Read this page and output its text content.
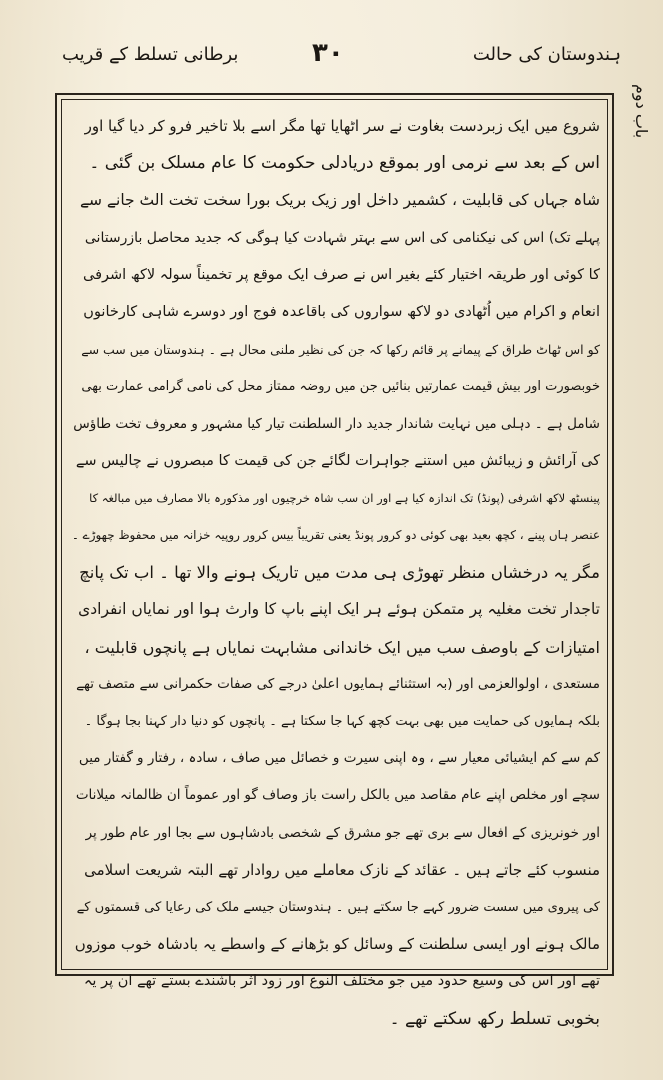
ہندوستان کی حالت
۳۰
برطانی تسلط کے قریب
باب دوم
شروع میں ایک زبردست بغاوت نے سر اٹھایا تھا مگر اسے بلا تاخیر فرو کر دیا گیا اور
اس کے بعد سے نرمی اور بموقع دریادلی حکومت کا عام مسلک بن گئی ۔
شاہ جہاں کی قابلیت ، کشمیر داخل اور زیک بریک بورا سخت تخت الٹ جانے سے
پہلے تک) اس کی نیکنامی کی اس سے بہتر شہادت کیا ہوگی کہ جدید محاصل بازرستانی
کا کوئی اور طریقہ اختیار کئے بغیر اس نے صرف ایک موقع پر تخمیناً سولہ لاکھ اشرفی
انعام و اکرام میں اُٹھادی دو لاکھ سواروں کی باقاعدہ فوج اور دوسرے شاہی کارخانوں
کو اس ٹھاٹ طراق کے پیمانے پر قائم رکھا کہ جن کی نظیر ملنی محال ہے ۔ ہندوستان میں سب سے
خوبصورت اور بیش قیمت عمارتیں بنائیں جن میں روضہ ممتاز محل کی نامی گرامی عمارت بھی
شامل ہے ۔ دہلی میں نہایت شاندار جدید دار السلطنت تیار کیا مشہور و معروف تخت طاؤس
کی آرائش و زیبائش میں استنے جواہرات لگائے جن کی قیمت کا مبصروں نے چالیس سے
پینسٹھ لاکھ اشرفی (پونڈ) تک اندازہ کیا ہے اور ان سب شاہ خرچیوں اور مذکورہ بالا مصارف میں مبالغہ کا
عنصر ہاں پینے ، کچھ بعید بھی کوئی دو کرور پونڈ یعنی تقریباً بیس کرور روپیہ خزانہ میں محفوظ چھوڑے ۔
مگر یہ درخشاں منظر تھوڑی ہی مدت میں تاریک ہونے والا تھا ۔ اب تک پانچ
تاجدار تخت مغلیہ پر متمکن ہوئے ہر ایک اپنے باپ کا وارث ہوا اور نمایاں انفرادی
امتیازات کے باوصف سب میں ایک خاندانی مشابہت نمایاں ہے پانچوں قابلیت ،
مستعدی ، اولوالعزمی اور (بہ استثنائے ہمایوں اعلیٰ درجے کی صفات حکمرانی سے متصف تھے
بلکہ ہمایوں کی حمایت میں بھی بہت کچھ کہا جا سکتا ہے ۔ پانچوں کو دنیا دار کہنا بجا ہوگا ۔
کم سے کم ایشیائی معیار سے ، وہ اپنی سیرت و خصائل میں صاف ، سادہ ، رفتار و گفتار میں
سچے اور مخلص اپنے عام مقاصد میں بالکل راست باز وصاف گو اور عموماً ان ظالمانہ میلانات
اور خونریزی کے افعال سے بری تھے جو مشرق کے شخصی بادشاہوں سے بجا اور عام طور پر
منسوب کئے جاتے ہیں ۔ عقائد کے نازک معاملے میں روادار تھے البتہ شریعت اسلامی
کی پیروی میں سست ضرور کہے جا سکتے ہیں ۔ ہندوستان جیسے ملک کی رعایا کی قسمتوں کے
مالک ہونے اور ایسی سلطنت کے وسائل کو بڑھانے کے واسطے یہ بادشاہ خوب موزوں
تھے اور اس کی وسیع حدود میں جو مختلف النوع اور زود اثر باشندے بستے تھے ان پر یہ
بخوبی تسلط رکھ سکتے تھے ۔
